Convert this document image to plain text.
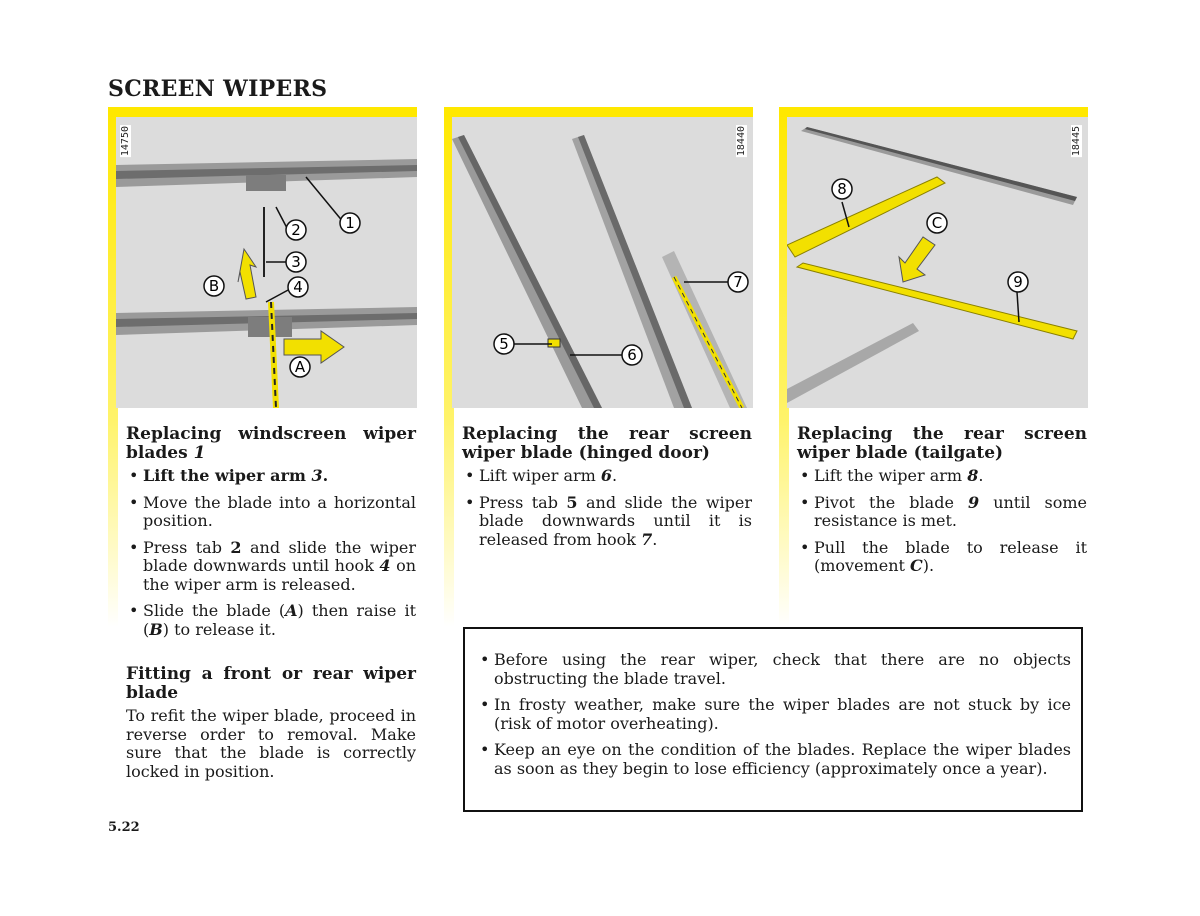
SCREEN WIPERS
1
2
3
4
B
A
14750
Replacing windscreen wiper blades 1
• Lift the wiper arm 3.
• Move the blade into a horizontal position.
• Press tab 2 and slide the wiper blade downwards until hook 4 on the wiper arm is released.
• Slide the blade (A) then raise it (B) to release it.
Fitting a front or rear wiper blade

To refit the wiper blade, proceed in reverse order to removal. Make sure that the blade is correctly locked in position.

5
6
7
18440
Replacing the rear screen wiper blade (hinged door)
• Lift wiper arm 6.
• Press tab 5 and slide the wiper blade downwards until it is released from hook 7.
8
C
9
18445
Replacing the rear screen wiper blade (tailgate)
• Lift the wiper arm 8.
• Pivot the blade 9 until some resistance is met.
• Pull the blade to release it (movement C).
• Before using the rear wiper, check that there are no objects obstructing the blade travel.
• In frosty weather, make sure the wiper blades are not stuck by ice (risk of motor overheating).
• Keep an eye on the condition of the blades. Replace the wiper blades as soon as they begin to lose efficiency (approximately once a year).
5.22
